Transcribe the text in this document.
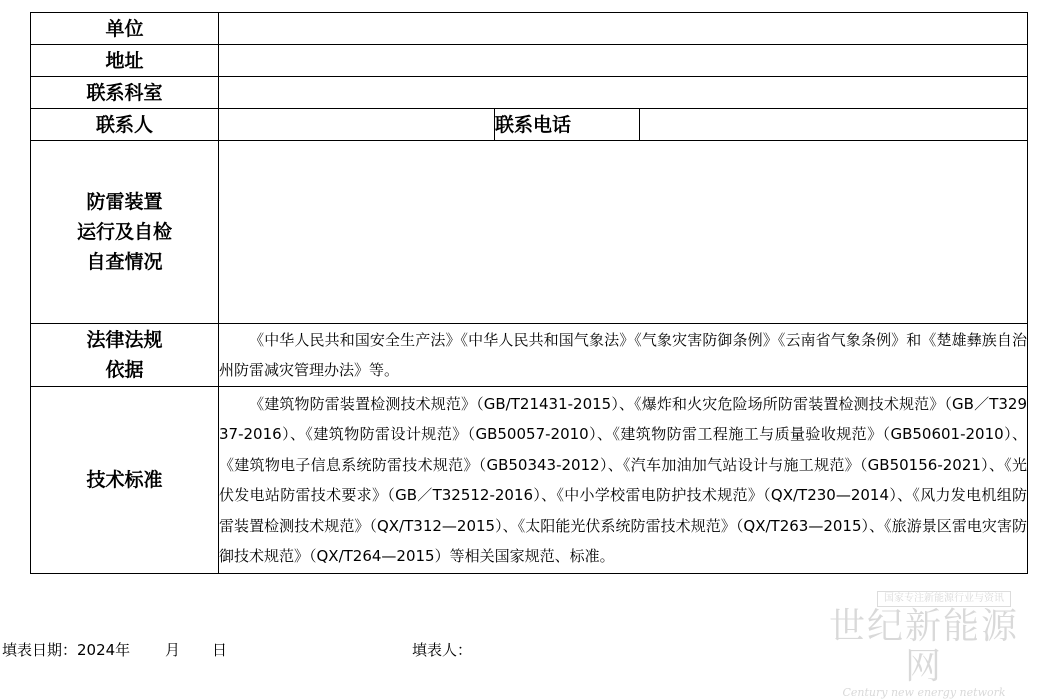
单位			
地址			
联系科室			
联系人		联系电话	

防雷装置
运行及自检
自查情况			

法律法规
依据	《中华人民共和国安全生产法》《中华人民共和国气象法》《气象灾害防御条例》《云南省气象条例》和《楚雄彝族自治州防雷减灾管理办法》等。		
技术标准	《建筑物防雷装置检测技术规范》（GB/T21431-2015）、《爆炸和火灾危险场所防雷装置检测技术规范》（GB／T32937-2016）、《建筑物防雷设计规范》（GB50057-2010）、《建筑物防雷工程施工与质量验收规范》（GB50601-2010）、《建筑物电子信息系统防雷技术规范》（GB50343-2012）、《汽车加油加气站设计与施工规范》（GB50156-2021）、《光伏发电站防雷技术要求》（GB／T32512-2016）、《中小学校雷电防护技术规范》（QX/T230—2014）、《风力发电机组防雷装置检测技术规范》（QX/T312—2015）、《太阳能光伏系统防雷技术规范》（QX/T263—2015）、《旅游景区雷电灾害防御技术规范》（QX/T264—2015）等相关国家规范、标准。		
填表日期：2024年 月 日	填表人：
国家专注新能源行业与资讯
世纪新能源网
Century new energy network
